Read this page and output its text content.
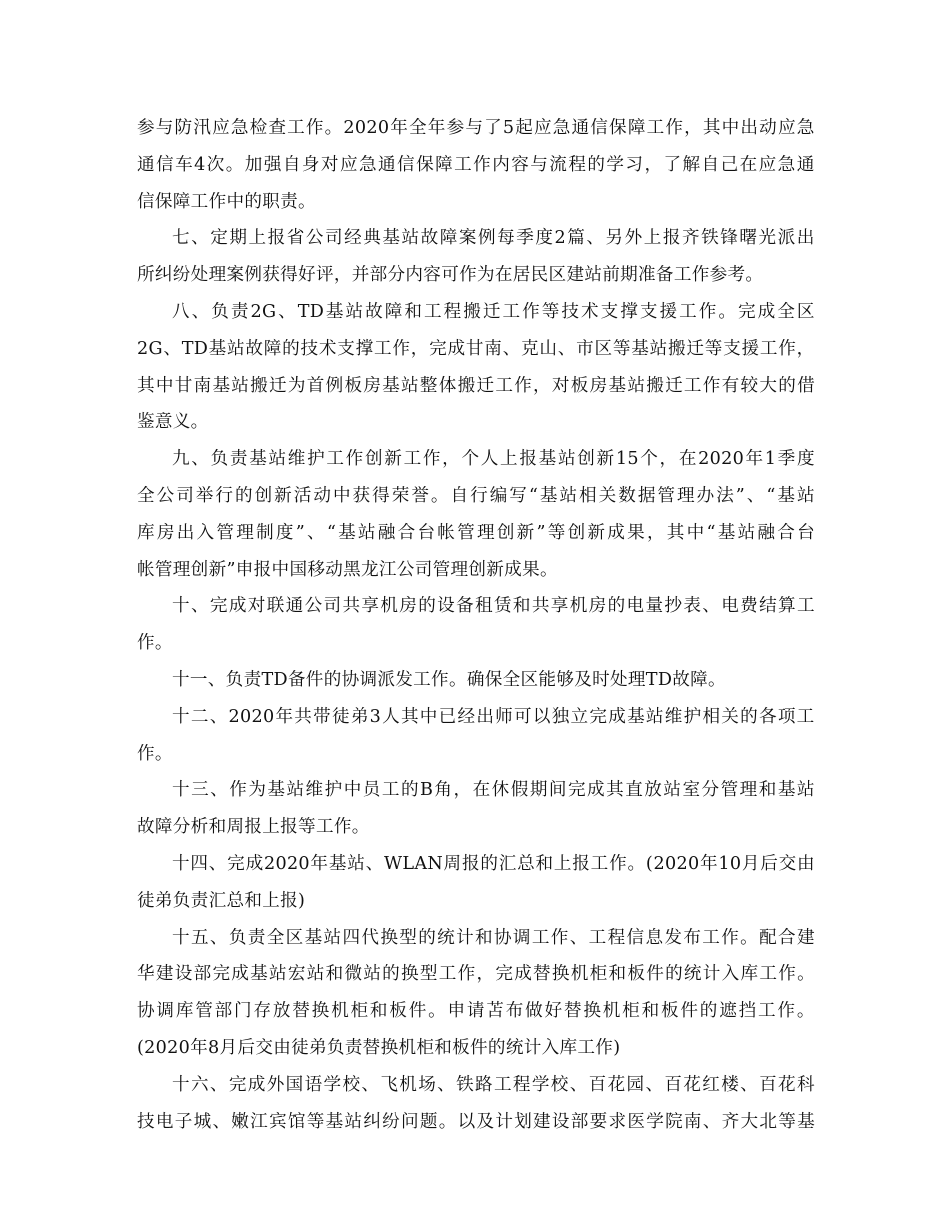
参 与 防 汛 应 急 检 查 工 作 。 2020 年 全 年 参 与 了 5 起 应 急 通 信 保 障 工 作 ， 其 中 出 动 应 急
通 信 车 4 次 。 加 强 自 身 对 应 急 通 信 保 障 工 作 内 容 与 流 程 的 学 习 ， 了 解 自 己 在 应 急 通
信保障工作中的职责。
七 、 定 期 上 报 省 公 司 经 典 基 站 故 障 案 例 每 季 度 2 篇 、 另 外 上 报 齐 铁 锋 曙 光 派 出
所纠纷处理案例获得好评，并部分内容可作为在居民区建站前期准备工作参考。
八 、 负 责 2G 、 TD 基 站 故 障 和 工 程 搬 迁 工 作 等 技 术 支 撑 支 援 工 作 。 完 成 全 区
2G 、 TD 基 站 故 障 的 技 术 支 撑 工 作 ， 完 成 甘 南 、 克 山 、 市 区 等 基 站 搬 迁 等 支 援 工 作 ，
其 中 甘 南 基 站 搬 迁 为 首 例 板 房 基 站 整 体 搬 迁 工 作 ， 对 板 房 基 站 搬 迁 工 作 有 较 大 的 借
鉴意义。
九 、 负 责 基 站 维 护 工 作 创 新 工 作 ， 个 人 上 报 基 站 创 新 15 个 ， 在 2020 年 1 季 度
全 公 司 举 行 的 创 新 活 动 中 获 得 荣 誉 。 自 行 编 写 “ 基 站 相 关 数 据 管 理 办 法 ” 、 “ 基 站
库 房 出 入 管 理 制 度 ” 、 “ 基 站 融 合 台 帐 管 理 创 新 ” 等 创 新 成 果 ， 其 中 “ 基 站 融 合 台
帐管理创新”申报中国移动黑龙江公司管理创新成果。
十 、 完 成 对 联 通 公 司 共 享 机 房 的 设 备 租 赁 和 共 享 机 房 的 电 量 抄 表 、 电 费 结 算 工
作。
十一、负责TD备件的协调派发工作。确保全区能够及时处理TD故障。
十 二 、 2020 年 共 带 徒 弟 3 人 其 中 已 经 出 师 可 以 独 立 完 成 基 站 维 护 相 关 的 各 项 工
作。
十 三 、 作 为 基 站 维 护 中 员 工 的 B 角 ， 在 休 假 期 间 完 成 其 直 放 站 室 分 管 理 和 基 站
故障分析和周报上报等工作。
十 四 、 完 成 2020 年 基 站 、 WLAN 周 报 的 汇 总 和 上 报 工 作 。 ( 2020 年 10 月 后 交 由
徒弟负责汇总和上报)
十 五 、 负 责 全 区 基 站 四 代 换 型 的 统 计 和 协 调 工 作 、 工 程 信 息 发 布 工 作 。 配 合 建
华 建 设 部 完 成 基 站 宏 站 和 微 站 的 换 型 工 作 ， 完 成 替 换 机 柜 和 板 件 的 统 计 入 库 工 作 。
协 调 库 管 部 门 存 放 替 换 机 柜 和 板 件 。 申 请 苫 布 做 好 替 换 机 柜 和 板 件 的 遮 挡 工 作 。
(2020年8月后交由徒弟负责替换机柜和板件的统计入库工作)
十 六 、 完 成 外 国 语 学 校 、 飞 机 场 、 铁 路 工 程 学 校 、 百 花 园 、 百 花 红 楼 、 百 花 科
技 电 子 城 、 嫩 江 宾 馆 等 基 站 纠 纷 问 题 。 以 及 计 划 建 设 部 要 求 医 学 院 南 、 齐 大 北 等 基
